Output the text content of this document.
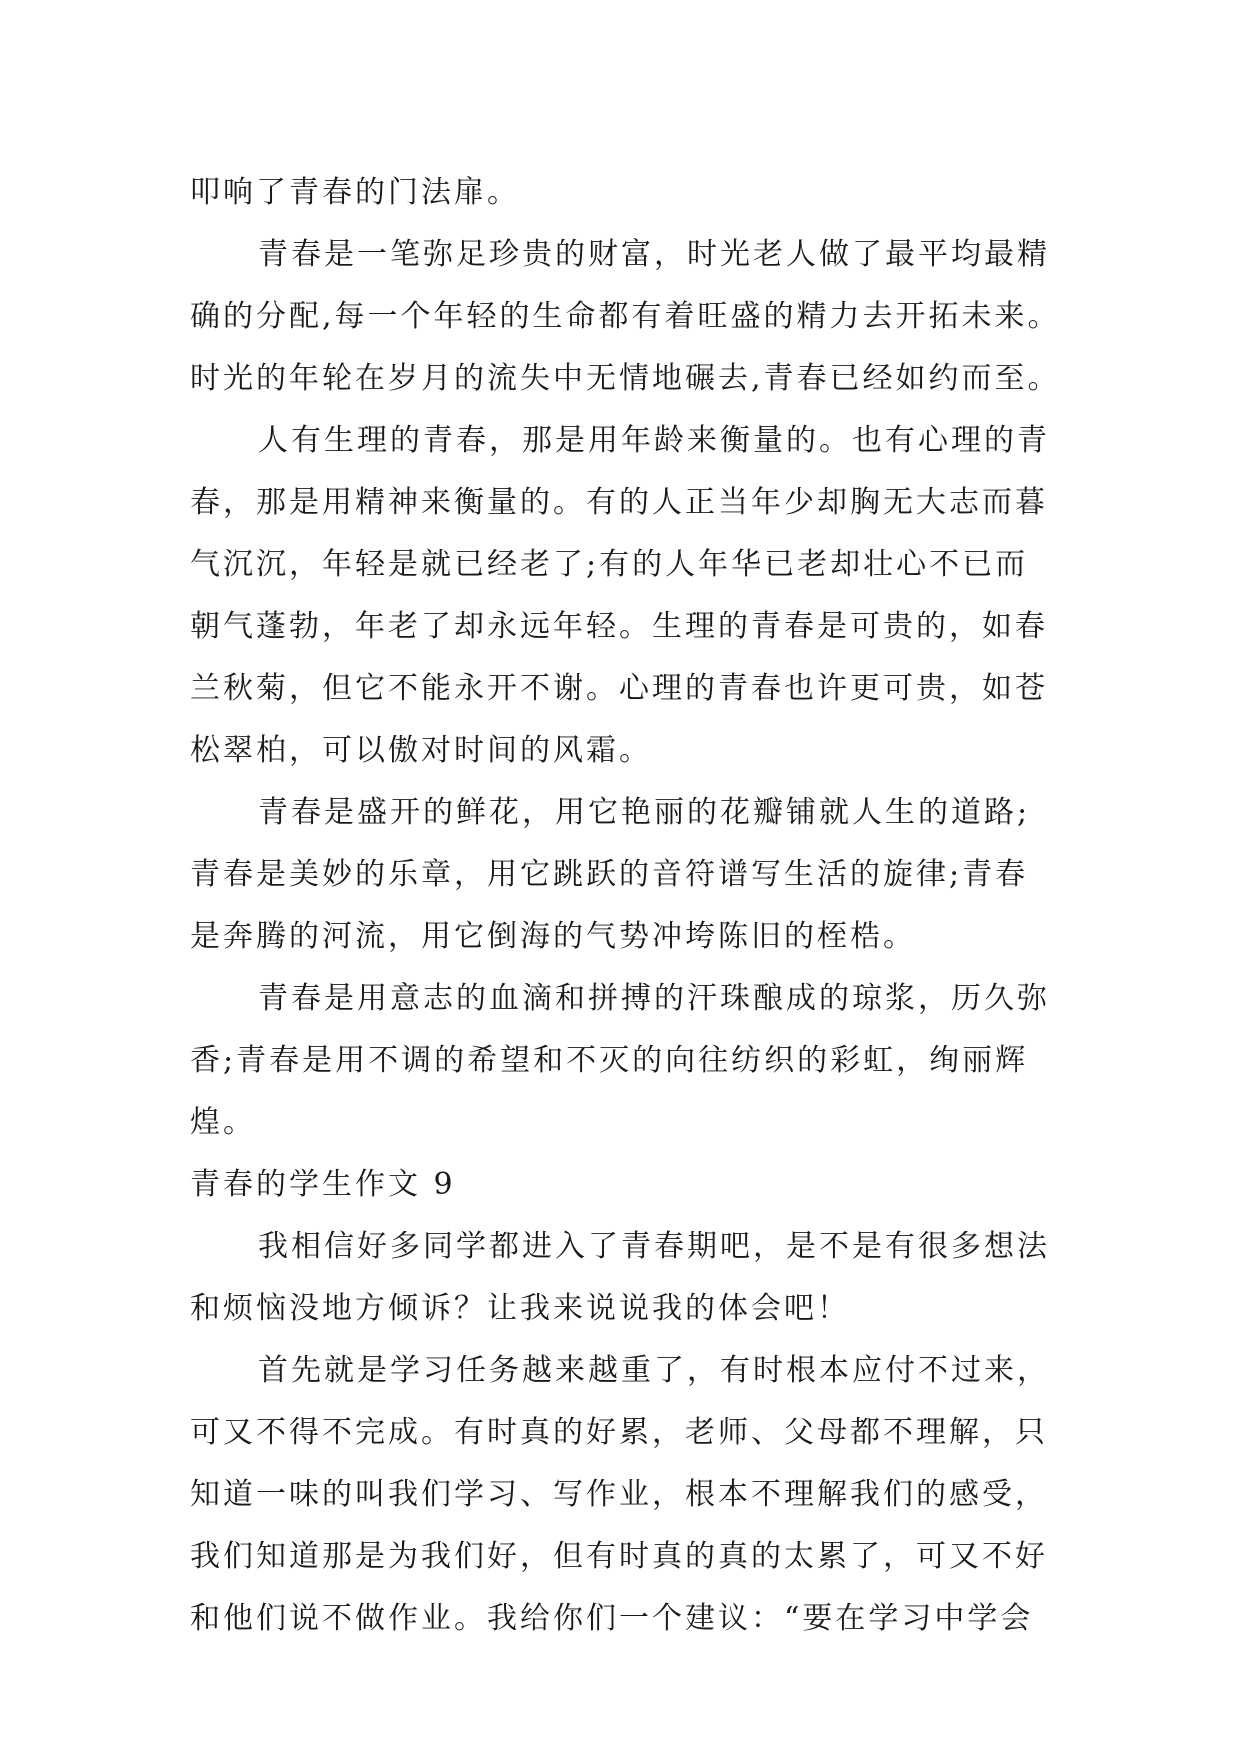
叩响了青春的门法扉。
青春是一笔弥足珍贵的财富，时光老人做了最平均最精
确的分配,每一个年轻的生命都有着旺盛的精力去开拓未来。
时光的年轮在岁月的流失中无情地碾去,青春已经如约而至。
人有生理的青春，那是用年龄来衡量的。也有心理的青
春，那是用精神来衡量的。有的人正当年少却胸无大志而暮
气沉沉，年轻是就已经老了;有的人年华已老却壮心不已而
朝气蓬勃，年老了却永远年轻。生理的青春是可贵的，如春
兰秋菊，但它不能永开不谢。心理的青春也许更可贵，如苍
松翠柏，可以傲对时间的风霜。
青春是盛开的鲜花，用它艳丽的花瓣铺就人生的道路;
青春是美妙的乐章，用它跳跃的音符谱写生活的旋律;青春
是奔腾的河流，用它倒海的气势冲垮陈旧的桎梏。
青春是用意志的血滴和拼搏的汗珠酿成的琼浆，历久弥
香;青春是用不调的希望和不灭的向往纺织的彩虹，绚丽辉
煌。
青春的学生作文 9
我相信好多同学都进入了青春期吧，是不是有很多想法
和烦恼没地方倾诉？让我来说说我的体会吧！
首先就是学习任务越来越重了，有时根本应付不过来，
可又不得不完成。有时真的好累，老师、父母都不理解，只
知道一味的叫我们学习、写作业，根本不理解我们的感受，
我们知道那是为我们好，但有时真的真的太累了，可又不好
和他们说不做作业。我给你们一个建议：“要在学习中学会
